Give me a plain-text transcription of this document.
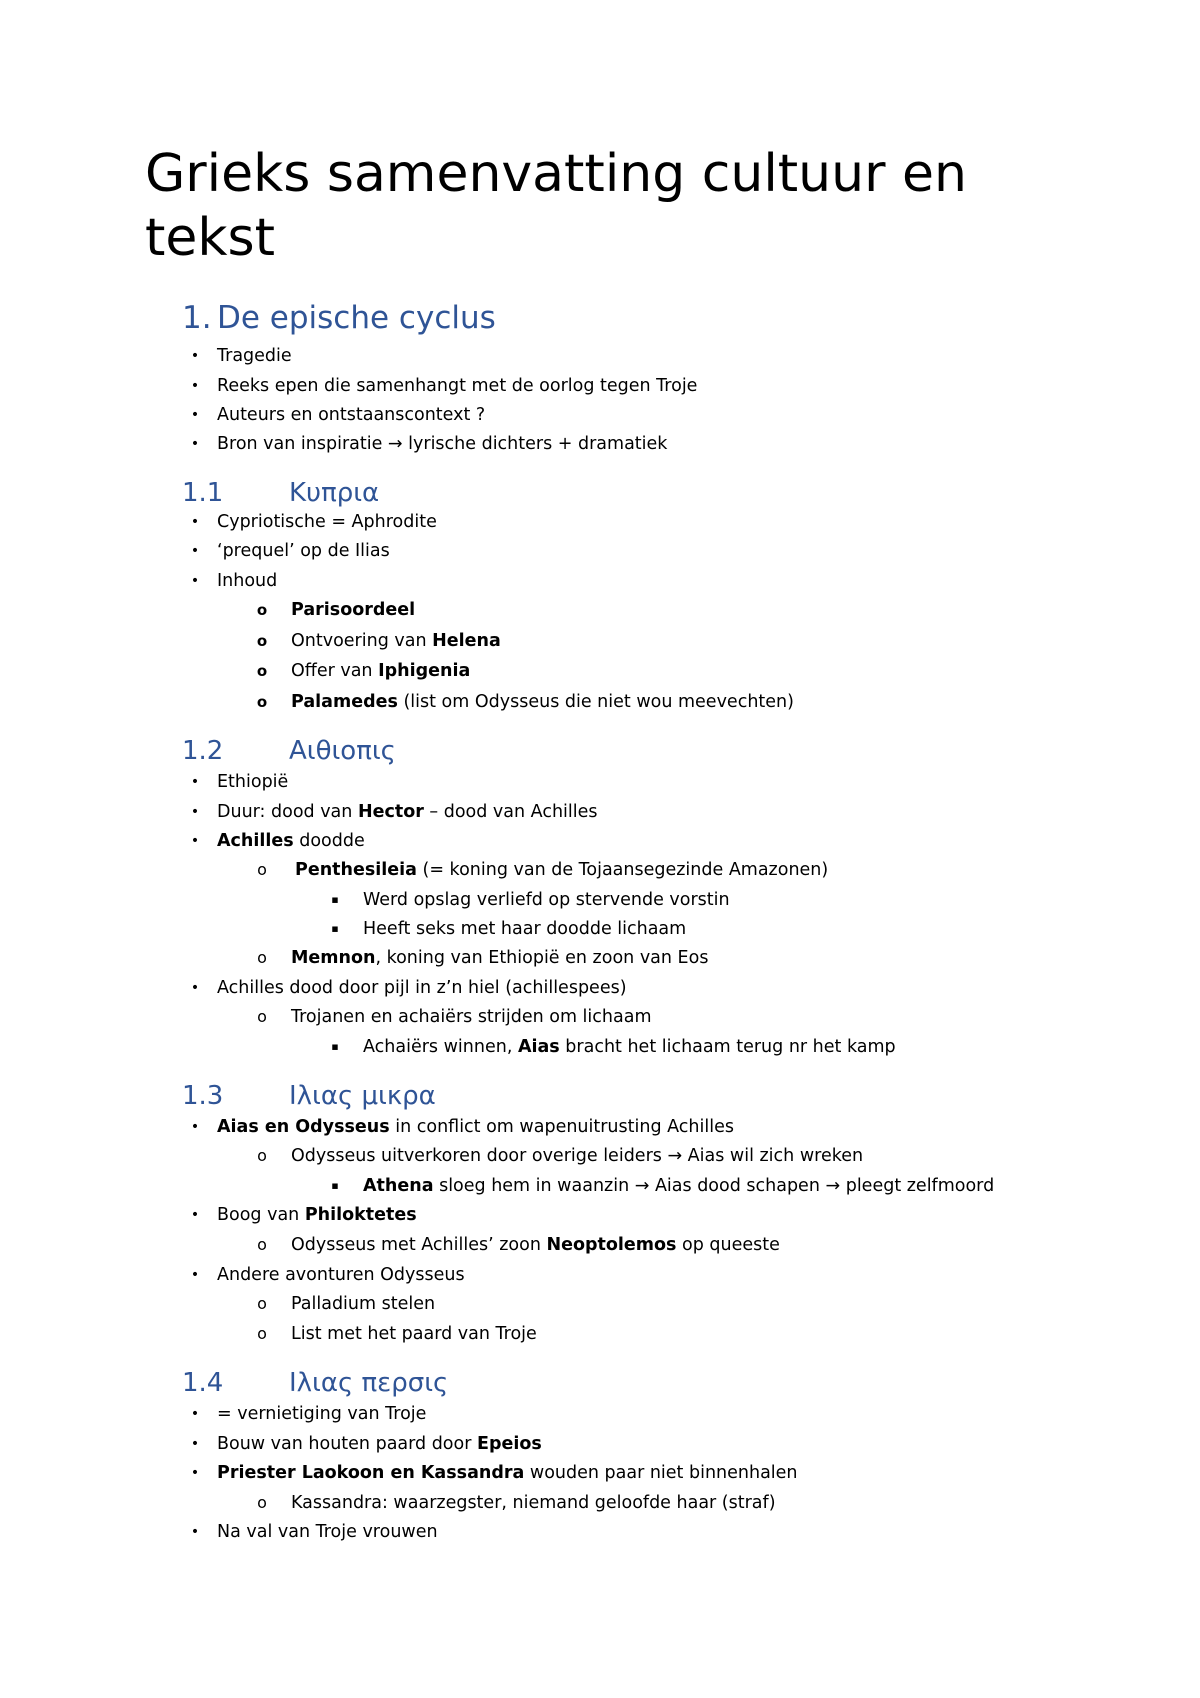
Grieks samenvatting cultuur en tekst
1. De epische cyclus
•	Tragedie
•	Reeks epen die samenhangt met de oorlog tegen Troje
•	Auteurs en ontstaanscontext ?
•	Bron van inspiratie → lyrische dichters + dramatiek
1.1	Κυπρια
•	Cypriotische = Aphrodite
•	‘prequel’ op de Ilias
•	Inhoud
o Parisoordeel
o Ontvoering van Helena
o Offer van Iphigenia
o Palamedes (list om Odysseus die niet wou meevechten)
1.2	Αιθιοπις
•	Ethiopië
•	Duur: dood van Hector – dood van Achilles
•	Achilles doodde
o Penthesileia (= koning van de Tojaansegezinde Amazonen)
▪	Werd opslag verliefd op stervende vorstin
▪	Heeft seks met haar doodde lichaam
o Memnon, koning van Ethiopië en zoon van Eos
•	Achilles dood door pijl in z’n hiel (achillespees)
o Trojanen en achaiërs strijden om lichaam
▪	Achaiërs winnen, Aias bracht het lichaam terug nr het kamp
1.3	Ιλιας μικρα
•	Aias en Odysseus in conflict om wapenuitrusting Achilles
o Odysseus uitverkoren door overige leiders → Aias wil zich wreken
▪	Athena sloeg hem in waanzin → Aias dood schapen → pleegt zelfmoord
•	Boog van Philoktetes
o Odysseus met Achilles’ zoon Neoptolemos op queeste
•	Andere avonturen Odysseus
o Palladium stelen
o List met het paard van Troje
1.4	Ιλιας περσις
•	= vernietiging van Troje
•	Bouw van houten paard door Epeios
•	Priester Laokoon en Kassandra wouden paar niet binnenhalen
o Kassandra: waarzegster, niemand geloofde haar (straf)
•	Na val van Troje vrouwen
